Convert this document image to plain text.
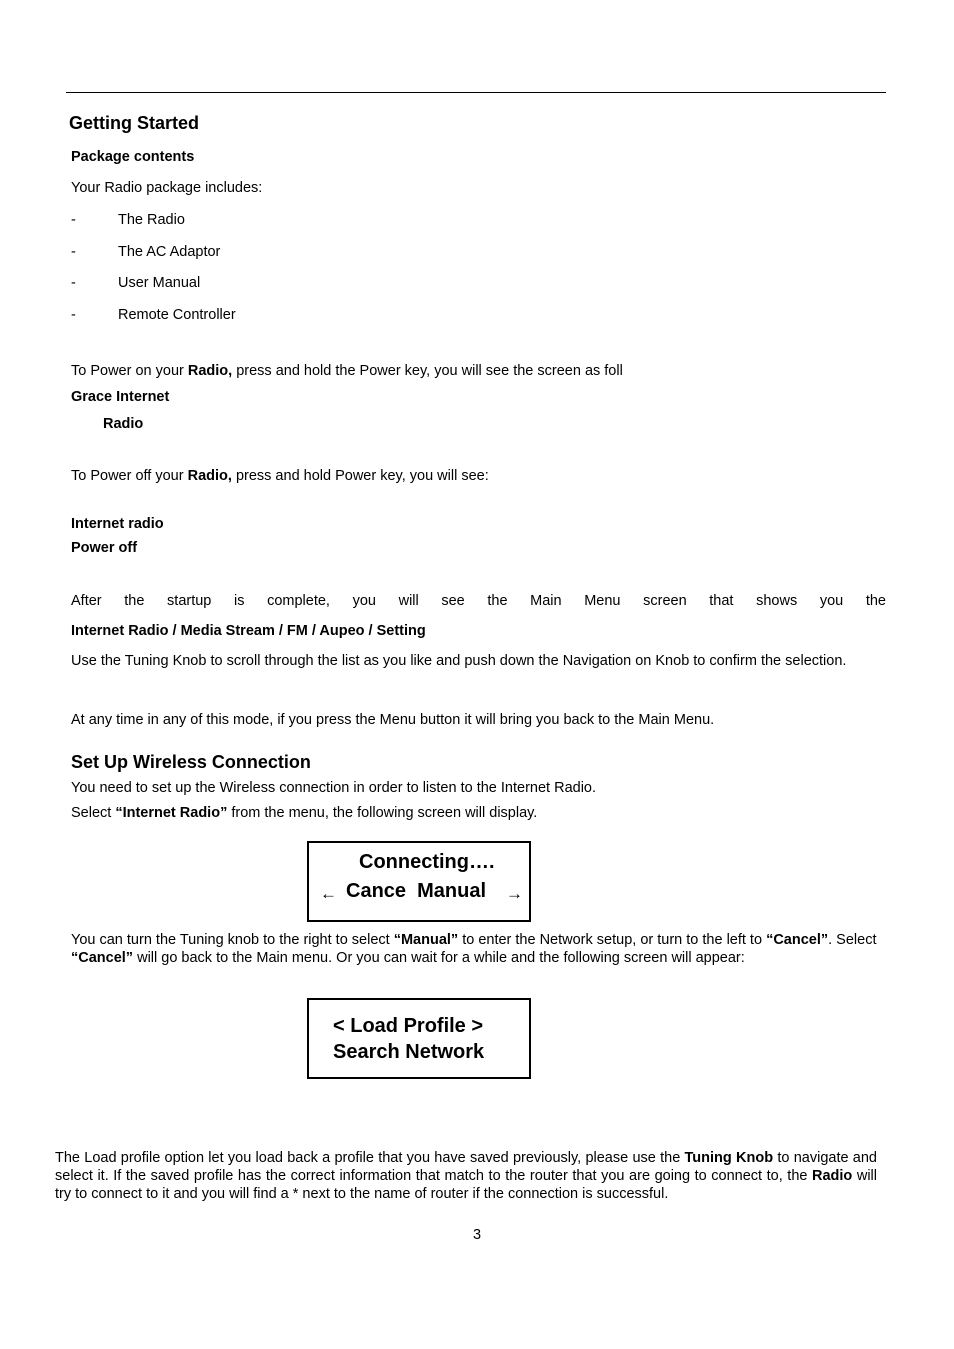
Getting Started
Package contents
Your Radio package includes:
-	The Radio
-	The AC Adaptor
-	User Manual
-	Remote Controller
To Power on your Radio, press and hold the Power key, you will see the screen as foll
Grace Internet
Radio
To Power off your Radio, press and hold Power key, you will see:
Internet radio
Power off
After the startup is complete, you will see the Main Menu screen that shows you the
Internet Radio / Media Stream / FM / Aupeo / Setting
Use the Tuning Knob to scroll through the list as you like and push down the Navigation on Knob to confirm the selection.
At any time in any of this mode, if you press the Menu button it will bring you back to the Main Menu.
Set Up Wireless Connection
You need to set up the Wireless connection in order to listen to the Internet Radio.
Select “Internet Radio” from the menu, the following screen will display.
Connecting….
← Cance  Manual →
You can turn the Tuning knob to the right to select “Manual” to enter the Network setup, or turn to the left to “Cancel”. Select “Cancel” will go back to the Main menu. Or you can wait for a while and the following screen will appear:
< Load Profile >
Search Network
The Load profile option let you load back a profile that you have saved previously, please use the Tuning Knob to navigate and select it. If the saved profile has the correct information that match to the router that you are going to connect to, the Radio will try to connect to it and you will find a * next to the name of router if the connection is successful.
3
